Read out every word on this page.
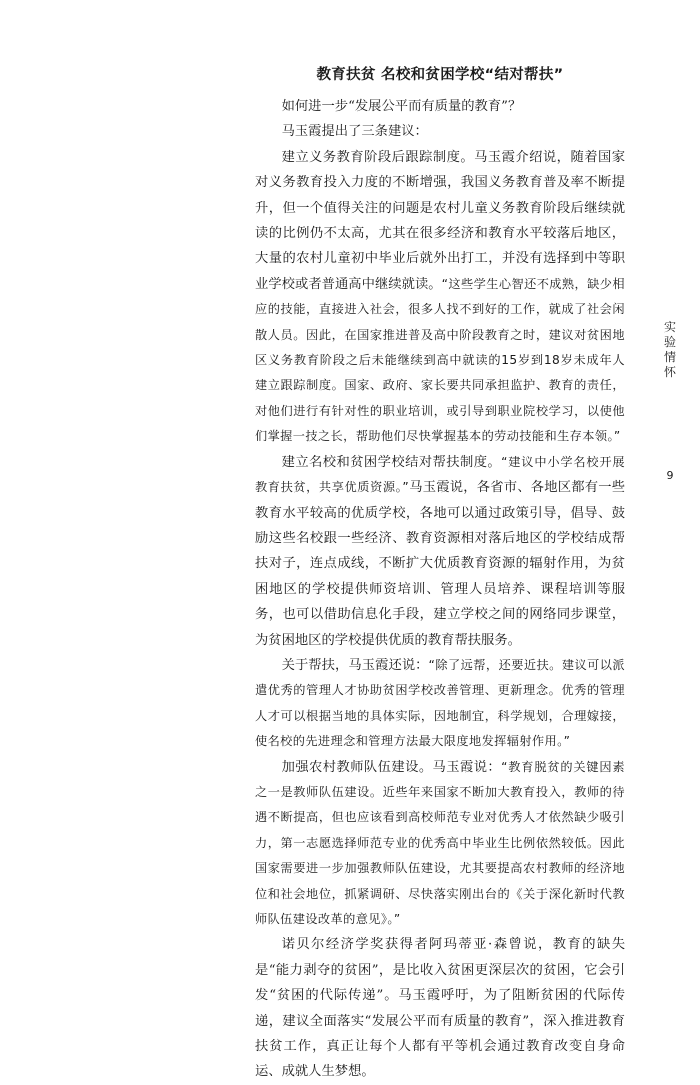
教育扶贫 名校和贫困学校“结对帮扶”

如何进一步“发展公平而有质量的教育”？

马玉霞提出了三条建议：

建立义务教育阶段后跟踪制度。马玉霞介绍说，随着国家对义务教育投入力度的不断增强，我国义务教育普及率不断提升，但一个值得关注的问题是农村儿童义务教育阶段后继续就读的比例仍不太高，尤其在很多经济和教育水平较落后地区，大量的农村儿童初中毕业后就外出打工，并没有选择到中等职业学校或者普通高中继续就读。“这些学生心智还不成熟，缺少相应的技能，直接进入社会，很多人找不到好的工作，就成了社会闲散人员。因此，在国家推进普及高中阶段教育之时，建议对贫困地区义务教育阶段之后未能继续到高中就读的15岁到18岁未成年人建立跟踪制度。国家、政府、家长要共同承担监护、教育的责任，对他们进行有针对性的职业培训，或引导到职业院校学习，以使他们掌握一技之长，帮助他们尽快掌握基本的劳动技能和生存本领。”

建立名校和贫困学校结对帮扶制度。“建议中小学名校开展教育扶贫，共享优质资源。”马玉霞说，各省市、各地区都有一些教育水平较高的优质学校，各地可以通过政策引导，倡导、鼓励这些名校跟一些经济、教育资源相对落后地区的学校结成帮扶对子，连点成线，不断扩大优质教育资源的辐射作用，为贫困地区的学校提供师资培训、管理人员培养、课程培训等服务，也可以借助信息化手段，建立学校之间的网络同步课堂，为贫困地区的学校提供优质的教育帮扶服务。

关于帮扶，马玉霞还说：“除了远帮，还要近扶。建议可以派遣优秀的管理人才协助贫困学校改善管理、更新理念。优秀的管理人才可以根据当地的具体实际，因地制宜，科学规划，合理嫁接，使名校的先进理念和管理方法最大限度地发挥辐射作用。”

加强农村教师队伍建设。马玉霞说：“教育脱贫的关键因素之一是教师队伍建设。近些年来国家不断加大教育投入，教师的待遇不断提高，但也应该看到高校师范专业对优秀人才依然缺少吸引力，第一志愿选择师范专业的优秀高中毕业生比例依然较低。因此国家需要进一步加强教师队伍建设，尤其要提高农村教师的经济地位和社会地位，抓紧调研、尽快落实刚出台的《关于深化新时代教师队伍建设改革的意见》。”

诺贝尔经济学奖获得者阿玛蒂亚·森曾说，教育的缺失是“能力剥夺的贫困”，是比收入贫困更深层次的贫困，它会引发“贫困的代际传递”。马玉霞呼吁，为了阻断贫困的代际传递，建议全面落实“发展公平而有质量的教育”，深入推进教育扶贫工作，真正让每个人都有平等机会通过教育改变自身命运、成就人生梦想。

实
验
情
怀
9
